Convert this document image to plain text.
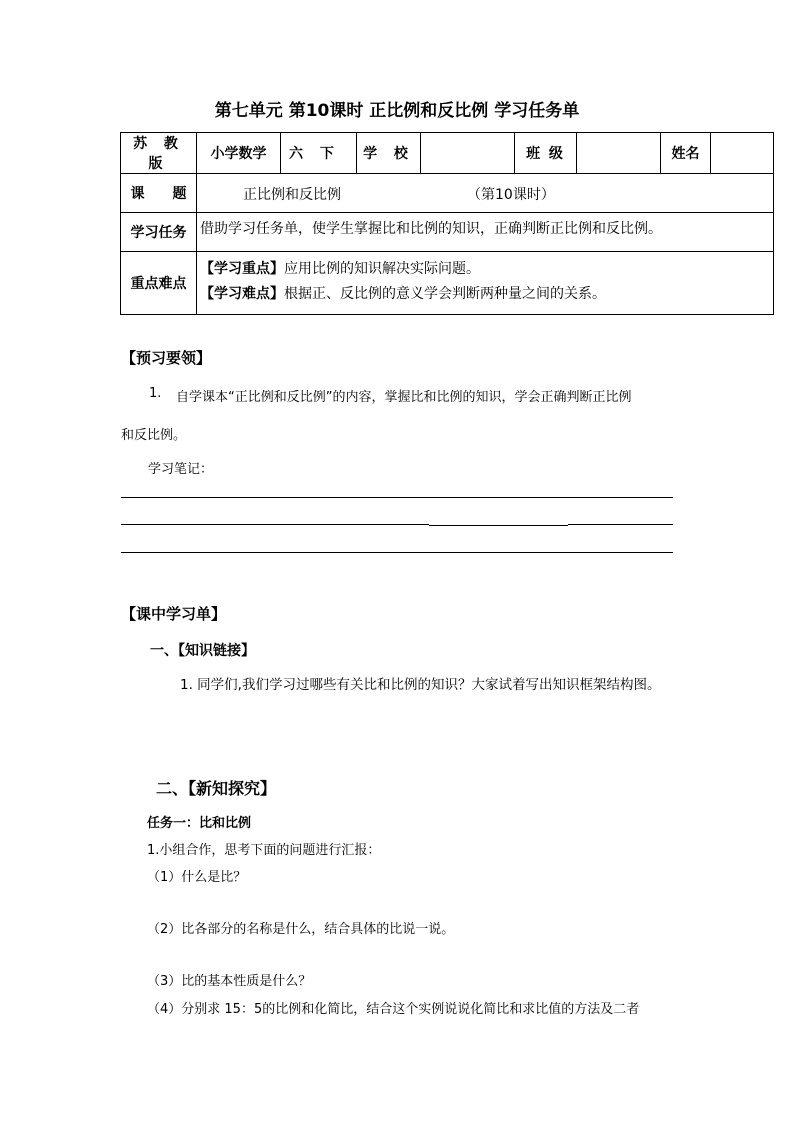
第七单元 第10课时 正比例和反比例 学习任务单
苏 教 版	小学数学	六 下	学 校		班 级		姓名	
课　　题	正比例和反比例 （第10课时）							

学习任务	借助学习任务单，使学生掌握比和比例的知识，正确判断正比例和反比例。							
重点难点	【学习重点】应用比例的知识解决实际问题。
【学习难点】根据正、反比例的意义学会判断两种量之间的关系。							
【预习要领】
1. 自学课本“正比例和反比例”的内容，掌握比和比例的知识，学会正确判断正比例
和反比例。
学习笔记：
【课中学习单】
一、【知识链接】
1. 同学们,我们学习过哪些有关比和比例的知识？大家试着写出知识框架结构图。
二、【新知探究】
任务一：比和比例
1.小组合作，思考下面的问题进行汇报：
（1）什么是比？
（2）比各部分的名称是什么，结合具体的比说一说。
（3）比的基本性质是什么？
（4）分别求 15：5的比例和化简比，结合这个实例说说化简比和求比值的方法及二者
